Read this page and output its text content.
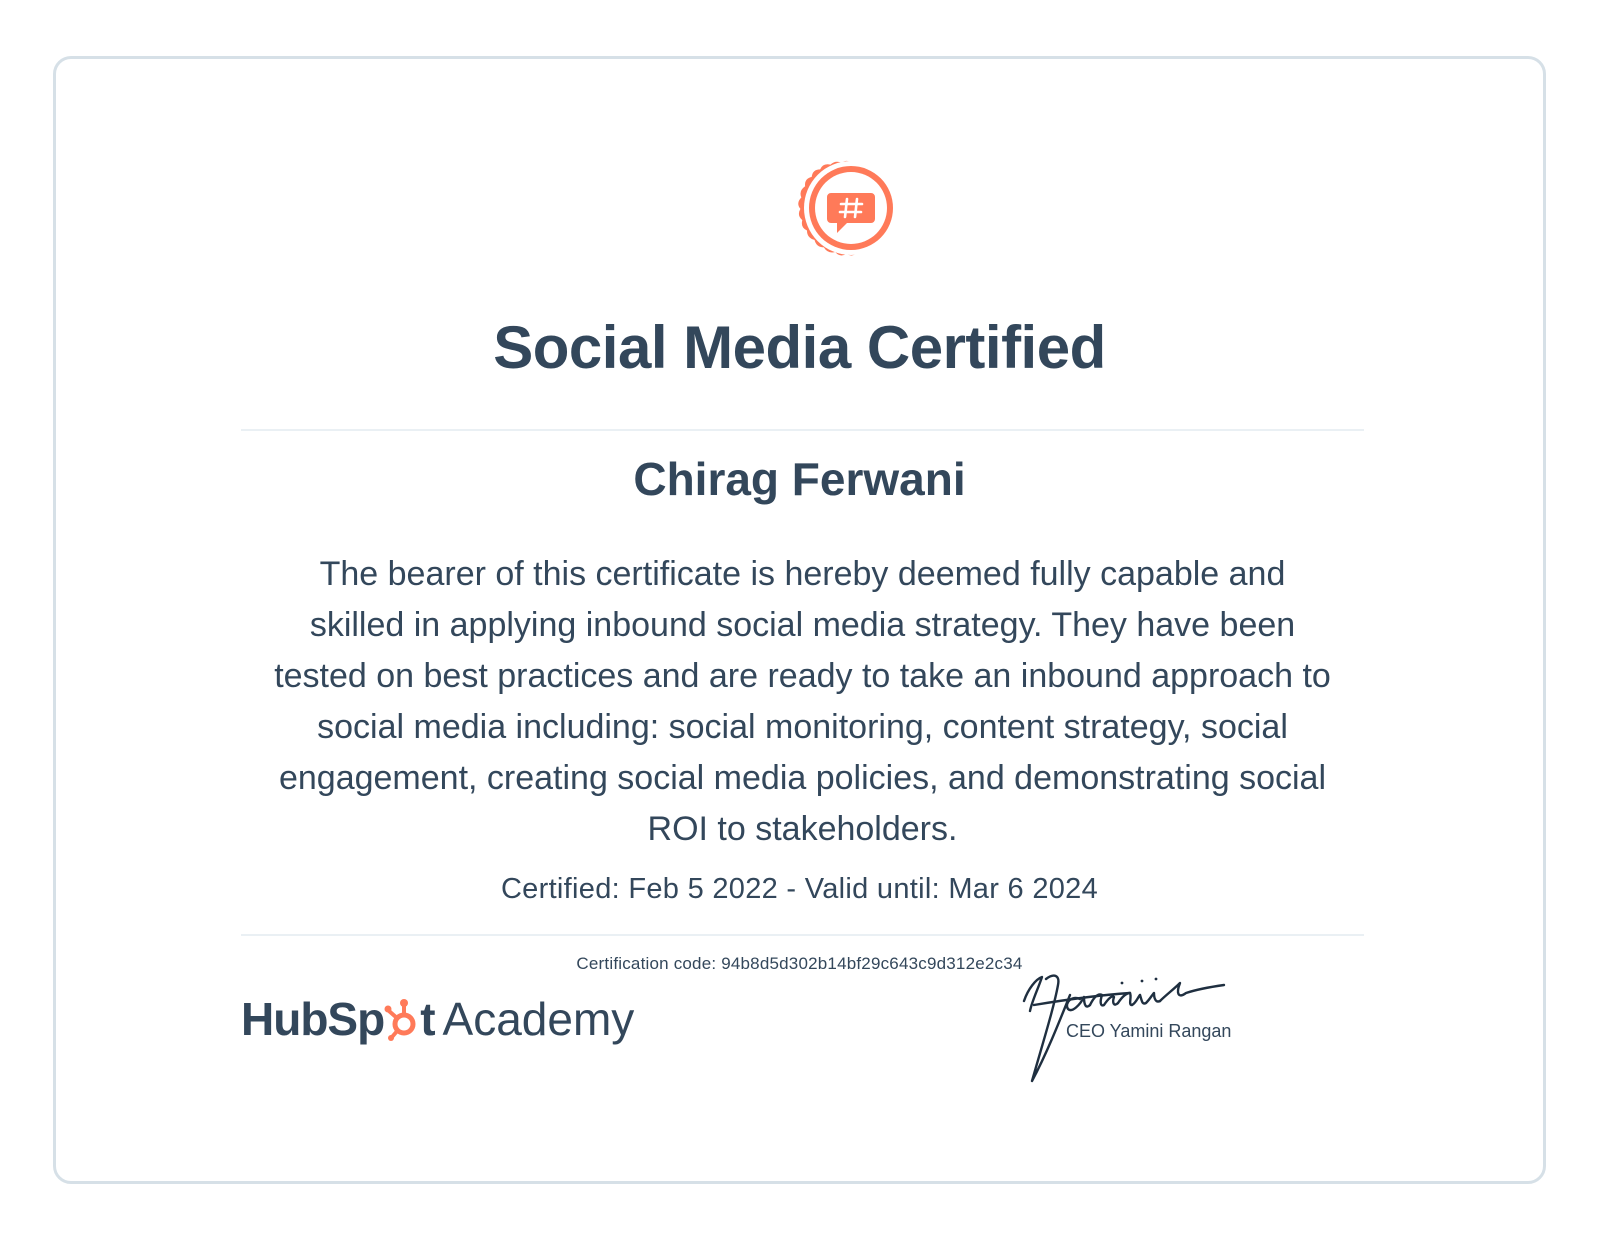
Social Media Certified
Chirag Ferwani

The bearer of this certificate is hereby deemed fully capable and skilled in applying inbound social media strategy. They have been tested on best practices and are ready to take an inbound approach to social media including: social monitoring, content strategy, social engagement, creating social media policies, and demonstrating social ROI to stakeholders.

Certified: Feb 5 2022 - Valid until: Mar 6 2024
Certification code: 94b8d5d302b14bf29c643c9d312e2c34
HubSp t Academy	CEO Yamini Rangan
